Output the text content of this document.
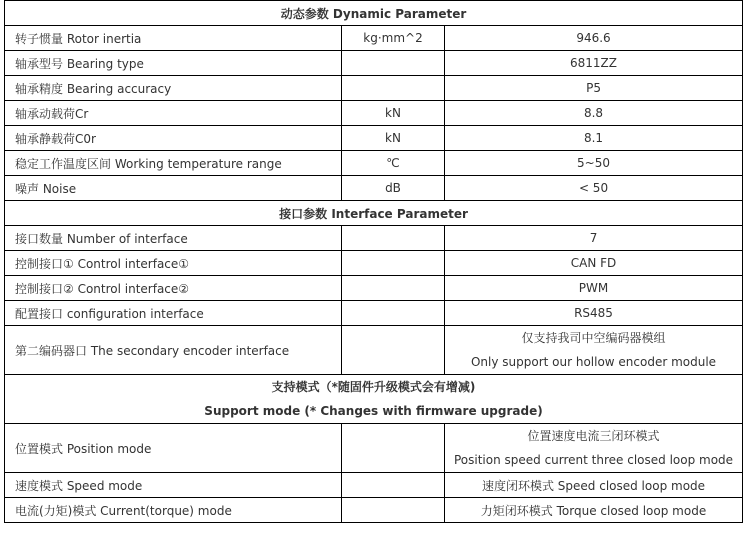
动态参数 Dynamic Parameter		
转子惯量 Rotor inertia	kg·mm^2	946.6
轴承型号 Bearing type		6811ZZ
轴承精度 Bearing accuracy		P5
轴承动载荷Cr	kN	8.8
轴承静载荷C0r	kN	8.1
稳定工作温度区间 Working temperature range	℃	5~50
噪声 Noise	dB	< 50
接口参数 Interface Parameter		
接口数量 Number of interface		7
控制接口① Control interface①		CAN FD
控制接口② Control interface②		PWM
配置接口 configuration interface		RS485
第二编码器口 The secondary encoder interface		仅支持我司中空编码器模组
Only support our hollow encoder module

支持模式（*随固件升级模式会有增减)
Support mode (* Changes with firmware upgrade)		

位置模式 Position mode		位置速度电流三闭环模式
Position speed current three closed loop mode

速度模式 Speed mode		速度闭环模式 Speed closed loop mode
电流(力矩)模式 Current(torque) mode		力矩闭环模式 Torque closed loop mode
